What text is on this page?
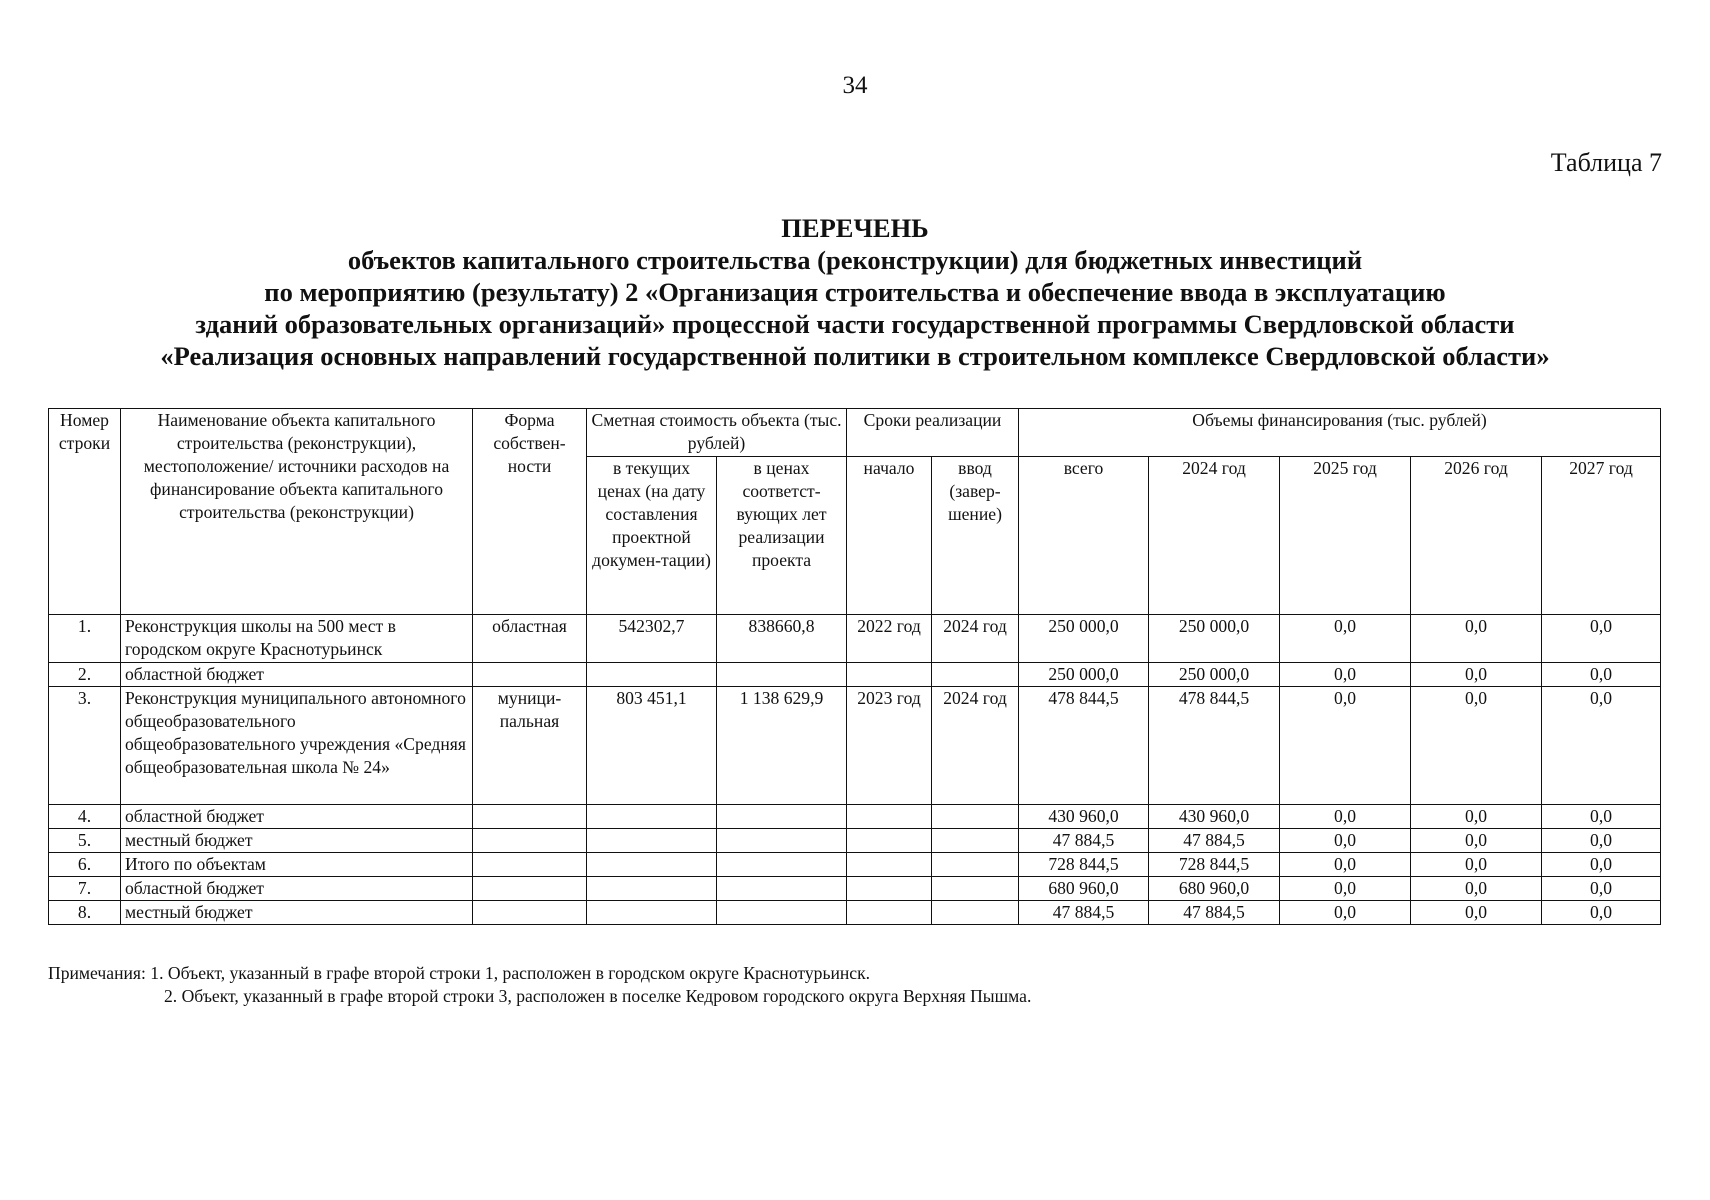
34
Таблица 7
ПЕРЕЧЕНЬ
объектов капитального строительства (реконструкции) для бюджетных инвестиций
по мероприятию (результату) 2 «Организация строительства и обеспечение ввода в эксплуатацию
зданий образовательных организаций» процессной части государственной программы Свердловской области
«Реализация основных направлений государственной политики в строительном комплексе Свердловской области»
Номер строки	Наименование объекта капитального строительства (реконструкции), местоположение/ источники расходов на финансирование объекта капитального строительства (реконструкции)	Форма собствен-ности	Сметная стоимость объекта (тыс. рублей)		Сроки реализации		Объемы финансирования (тыс. рублей)				
			в текущих ценах (на дату составления проектной докумен-тации)	в ценах соответст-вующих лет реализации проекта	начало	ввод (завер-шение)	всего	2024 год	2025 год	2026 год	2027 год
1.	Реконструкция школы на 500 мест в городском округе Краснотурьинск	областная	542302,7	838660,8	2022 год	2024 год	250 000,0	250 000,0	0,0	0,0	0,0
2.	областной бюджет						250 000,0	250 000,0	0,0	0,0	0,0
3.	Реконструкция муниципального автономного общеобразовательного общеобразовательного учреждения «Средняя общеобразовательная школа № 24»	муници-пальная	803 451,1	1 138 629,9	2023 год	2024 год	478 844,5	478 844,5	0,0	0,0	0,0
4.	областной бюджет						430 960,0	430 960,0	0,0	0,0	0,0
5.	местный бюджет						47 884,5	47 884,5	0,0	0,0	0,0
6.	Итого по объектам						728 844,5	728 844,5	0,0	0,0	0,0
7.	областной бюджет						680 960,0	680 960,0	0,0	0,0	0,0
8.	местный бюджет						47 884,5	47 884,5	0,0	0,0	0,0
Примечания: 1. Объект, указанный в графе второй строки 1, расположен в городском округе Краснотурьинск.
2. Объект, указанный в графе второй строки 3, расположен в поселке Кедровом городского округа Верхняя Пышма.
